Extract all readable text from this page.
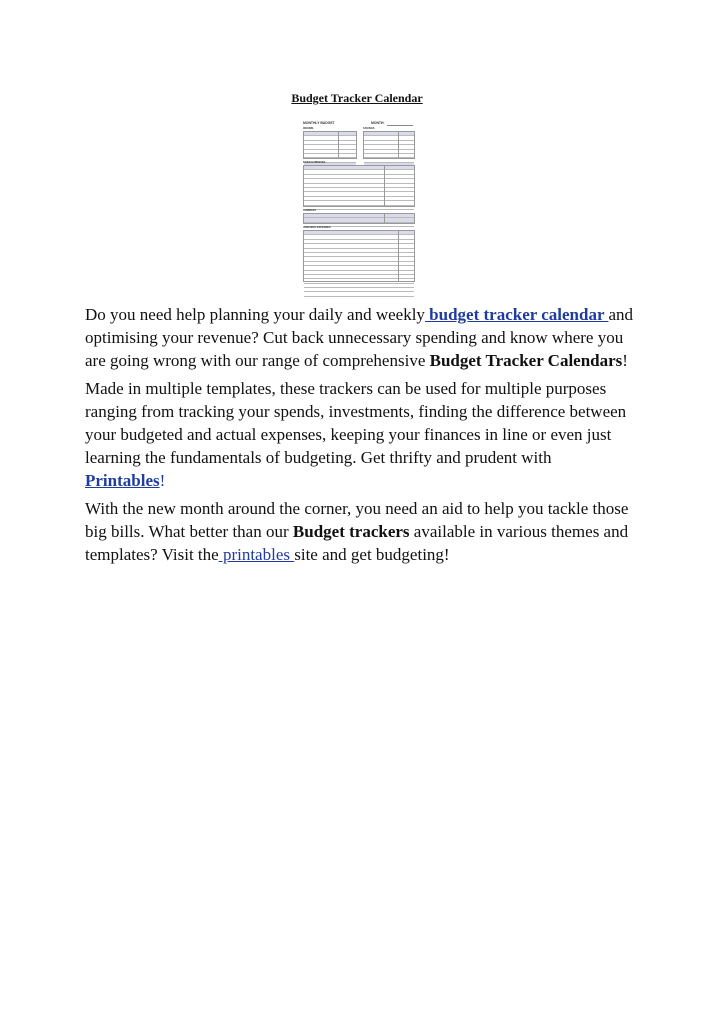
Budget Tracker Calendar
MONTHLY BUDGET	MONTH:
INCOME	SAVINGS
FIXED EXPENSES
SUMMARY
VARIABLE EXPENSES

Do you need help planning your daily and weekly budget tracker calendar and optimising your revenue? Cut back unnecessary spending and know where you are going wrong with our range of comprehensive Budget Tracker Calendars!

Made in multiple templates, these trackers can be used for multiple purposes ranging from tracking your spends, investments, finding the difference between your budgeted and actual expenses, keeping your finances in line or even just learning the fundamentals of budgeting. Get thrifty and prudent with Printables!

With the new month around the corner, you need an aid to help you tackle those big bills. What better than our Budget trackers available in various themes and templates? Visit the printables site and get budgeting!
